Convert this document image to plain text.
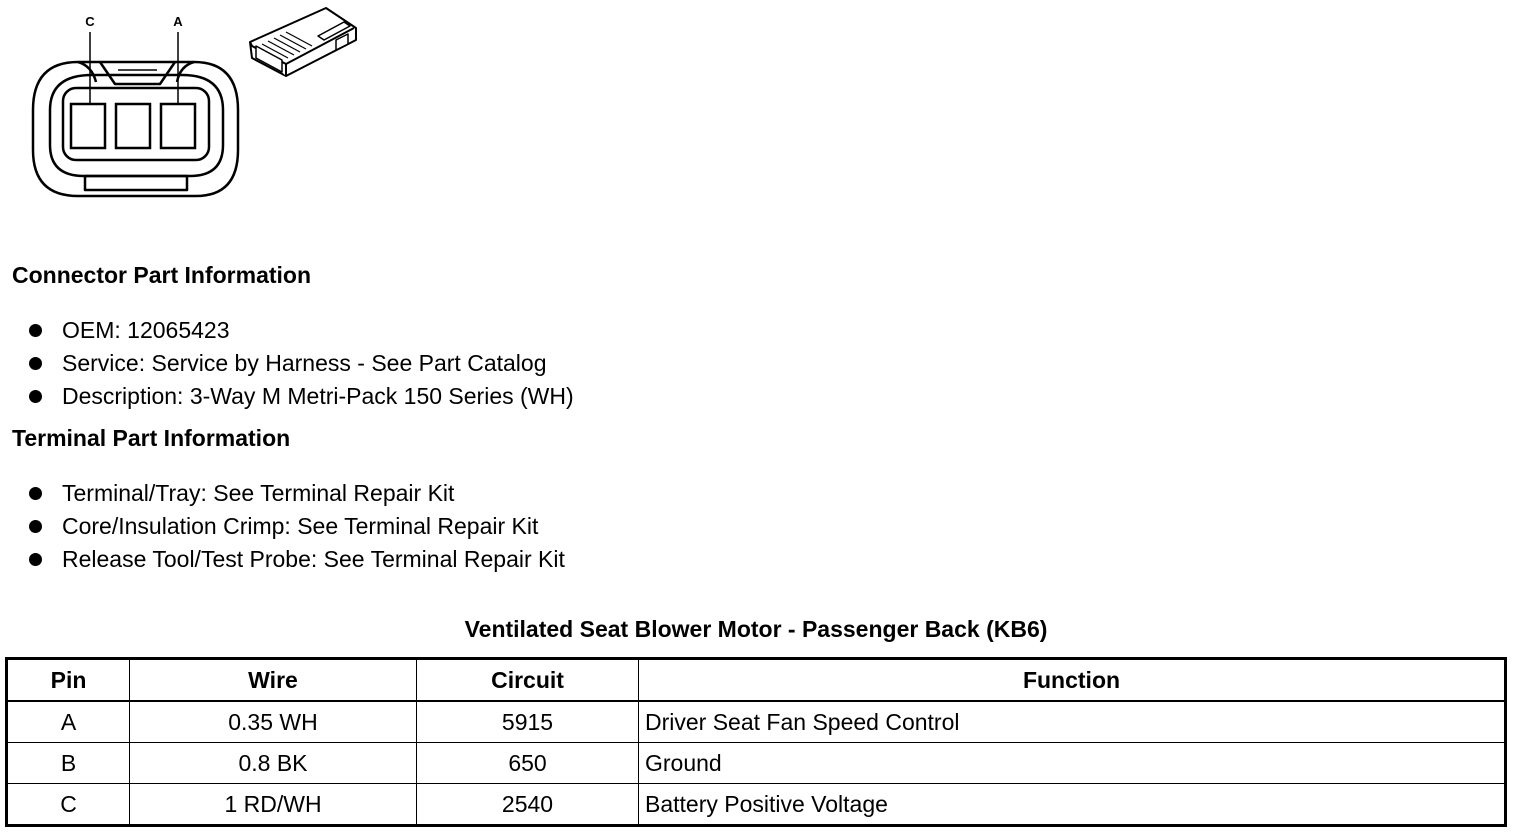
C	A
Connector Part Information
OEM: 12065423
Service: Service by Harness - See Part Catalog
Description: 3-Way M Metri-Pack 150 Series (WH)
Terminal Part Information
Terminal/Tray: See Terminal Repair Kit
Core/Insulation Crimp: See Terminal Repair Kit
Release Tool/Test Probe: See Terminal Repair Kit
Ventilated Seat Blower Motor - Passenger Back (KB6)
Pin	Wire	Circuit	Function
A	0.35 WH	5915	Driver Seat Fan Speed Control
B	0.8 BK	650	Ground
C	1 RD/WH	2540	Battery Positive Voltage
